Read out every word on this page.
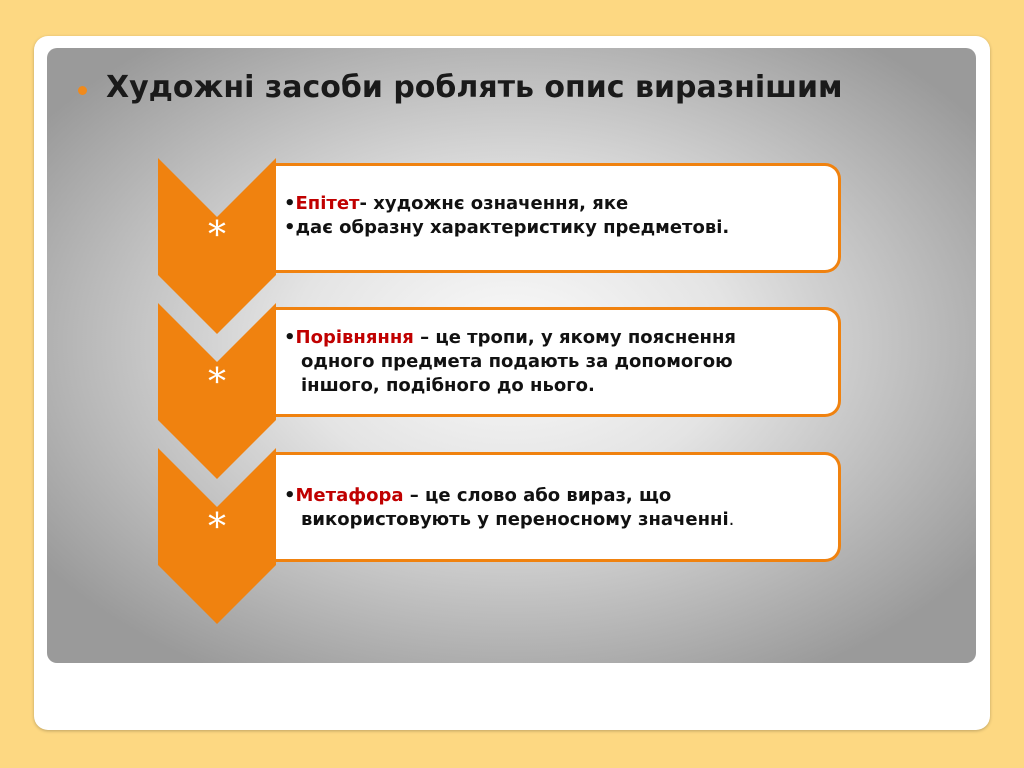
Художні засоби роблять опис виразнішим
*
*
*
•Епітет- художнє означення, яке
•дає образну характеристику предметові.
•Порівняння – це тропи, у якому пояснення
одного предмета подають за допомогою
іншого, подібного до нього.
•Метафора – це слово або вираз, що
використовують у переносному значенні.
